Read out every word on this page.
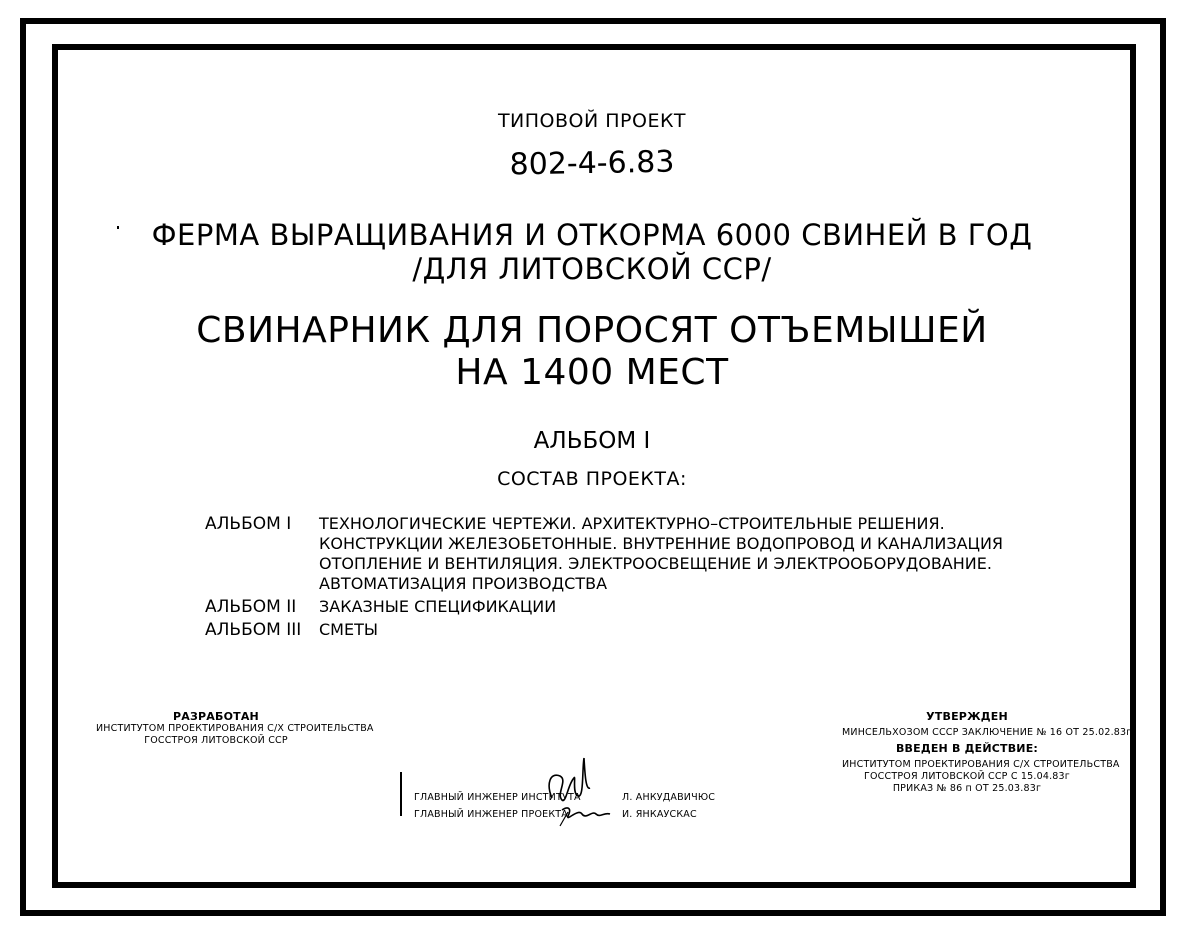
ТИПОВОЙ ПРОЕКТ
802-4-6.83
ФЕРМА ВЫРАЩИВАНИЯ И ОТКОРМА 6000 СВИНЕЙ В ГОД
/ДЛЯ ЛИТОВСКОЙ ССР/
СВИНАРНИК ДЛЯ ПОРОСЯТ ОТЪЕМЫШЕЙ
НА 1400 МЕСТ
АЛЬБОМ I
СОСТАВ ПРОЕКТА:
АЛЬБОМ I	ТЕХНОЛОГИЧЕСКИЕ ЧЕРТЕЖИ. АРХИТЕКТУРНО–СТРОИТЕЛЬНЫЕ РЕШЕНИЯ.
КОНСТРУКЦИИ ЖЕЛЕЗОБЕТОННЫЕ. ВНУТРЕННИЕ ВОДОПРОВОД И КАНАЛИЗАЦИЯ
ОТОПЛЕНИЕ И ВЕНТИЛЯЦИЯ. ЭЛЕКТРООСВЕЩЕНИЕ И ЭЛЕКТРООБОРУДОВАНИЕ.
АВТОМАТИЗАЦИЯ ПРОИЗВОДСТВА
АЛЬБОМ II	ЗАКАЗНЫЕ СПЕЦИФИКАЦИИ
АЛЬБОМ III	СМЕТЫ
РАЗРАБОТАН
ИНСТИТУТОМ ПРОЕКТИРОВАНИЯ С/Х СТРОИТЕЛЬСТВА
ГОССТРОЯ ЛИТОВСКОЙ ССР
ГЛАВНЫЙ ИНЖЕНЕР ИНСТИТУТА	Л. АНКУДАВИЧЮС
ГЛАВНЫЙ ИНЖЕНЕР ПРОЕКТА	И. ЯНКАУСКАС
УТВЕРЖДЕН
МИНСЕЛЬХОЗОМ СССР ЗАКЛЮЧЕНИЕ № 16 ОТ 25.02.83г
ВВЕДЕН В ДЕЙСТВИЕ:
ИНСТИТУТОМ ПРОЕКТИРОВАНИЯ С/Х СТРОИТЕЛЬСТВА
ГОССТРОЯ ЛИТОВСКОЙ ССР С 15.04.83г
ПРИКАЗ № 86 п ОТ 25.03.83г
